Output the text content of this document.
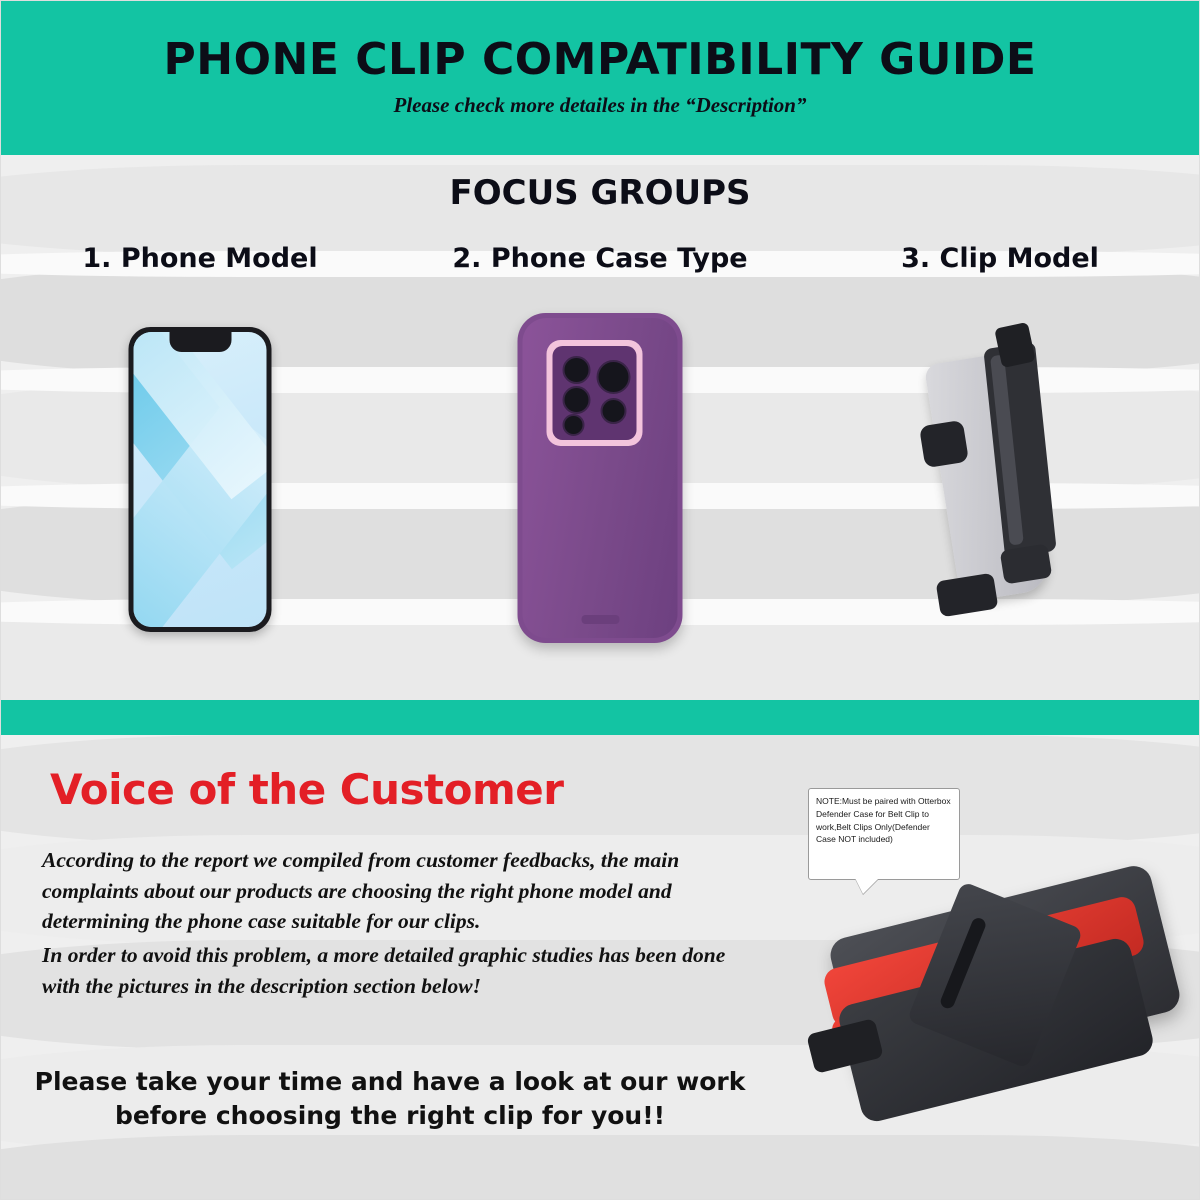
PHONE CLIP COMPATIBILITY GUIDE
Please check more detailes in the “Description”
FOCUS GROUPS
1. Phone Model	2. Phone Case Type	3. Clip Model
Voice of the Customer
According to the report we compiled from customer feedbacks, the main complaints about our products are choosing the right phone model and determining the phone case suitable for our clips.
In order to avoid this problem, a more detailed graphic studies has been done with the pictures in the description section below!
Please take your time and have a look at our work before choosing the right clip for you!!
NOTE:Must be paired with Otterbox Defender Case for Belt Clip to work,Belt Clips Only(Defender Case NOT included)
